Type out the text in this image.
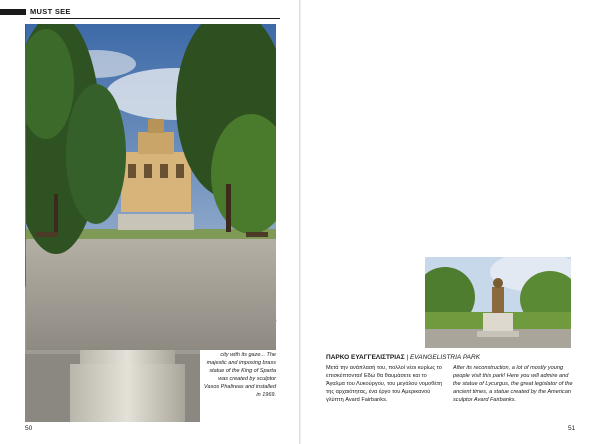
MUST SEE
city with its gaze... The majestic and imposing brass statue of the King of Sparta was created by sculptor Vasos Phalireas and installed in 1969.
50
ΠΑΡΚΟ ΕΥΑΓΓΕΛΙΣΤΡΙΑΣ | EVANGELISTRIA PARK
Μετά την ανάπλασή του, πολλοί νέοι κυρίως το επισκέπτονται! Εδώ θα θαυμάσετε και το Άγαλμα του Λυκούργου, του μεγάλου νομοθέτη της αρχαιότητας, ένα έργο του Αμερικανού γλύπτη Avard Fairbanks.
After its reconstruction, a lot of mostly young people visit this park! Here you will admire and the statue of Lycurgus, the great legislator of the ancient times, a statue created by the American sculptor Avard Fairbanks.
51
